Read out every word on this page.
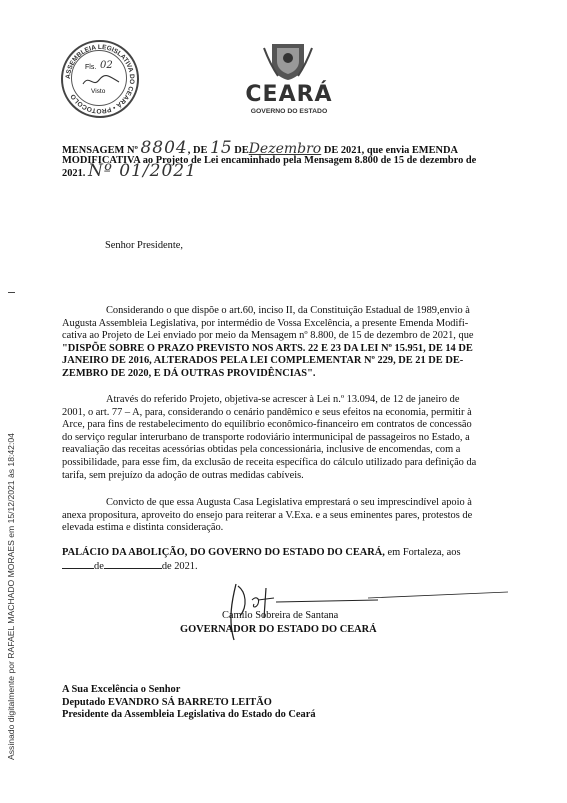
ASSEMBLEIA LEGISLATIVA DO CEARÁ • PROTOCOLO
Fls. 02
Visto	CEARÁ
GOVERNO DO ESTADO
MENSAGEM Nº 8804, DE 15 DEDezembro DE 2021, que envia EMENDA
MODIFICATIVA ao Projeto de Lei encaminhado pela Mensagem 8.800 de 15 de dezembro de
2021. Nº 01/2021
Senhor Presidente,
Considerando o que dispõe o art.60, inciso II, da Constituição Estadual de 1989,envio à
Augusta Assembleia Legislativa, por intermédio de Vossa Excelência, a presente Emenda Modifi-
cativa ao Projeto de Lei enviado por meio da Mensagem nº 8.800, de 15 de dezembro de 2021, que
"DISPÕE SOBRE O PRAZO PREVISTO NOS ARTS. 22 E 23 DA LEI Nº 15.951, DE 14 DE
JANEIRO DE 2016, ALTERADOS PELA LEI COMPLEMENTAR Nº 229, DE 21 DE DE-
ZEMBRO DE 2020, E DÁ OUTRAS PROVIDÊNCIAS".
Através do referido Projeto, objetiva-se acrescer à Lei n.º 13.094, de 12 de janeiro de
2001, o art. 77 – A, para, considerando o cenário pandêmico e seus efeitos na economia, permitir à
Arce, para fins de restabelecimento do equilíbrio econômico-financeiro em contratos de concessão
do serviço regular interurbano de transporte rodoviário intermunicipal de passageiros no Estado, a
reavaliação das receitas acessórias obtidas pela concessionária, inclusive de encomendas, com a
possibilidade, para esse fim, da exclusão de receita específica do cálculo utilizado para definição da
tarifa, sem prejuízo da adoção de outras medidas cabíveis.
Convicto de que essa Augusta Casa Legislativa emprestará o seu imprescindível apoio à
anexa propositura, aproveito do ensejo para reiterar a V.Exa. e a seus eminentes pares, protestos de
elevada estima e distinta consideração.
PALÁCIO DA ABOLIÇÃO, DO GOVERNO DO ESTADO DO CEARÁ, em Fortaleza, aos
de	de 2021.
Camilo Sobreira de Santana
GOVERNADOR DO ESTADO DO CEARÁ
A Sua Excelência o Senhor
Deputado EVANDRO SÁ BARRETO LEITÃO
Presidente da Assembleia Legislativa do Estado do Ceará
Assinado digitalmente por RAFAEL MACHADO MORAES em 15/12/2021 às 18:42:04
